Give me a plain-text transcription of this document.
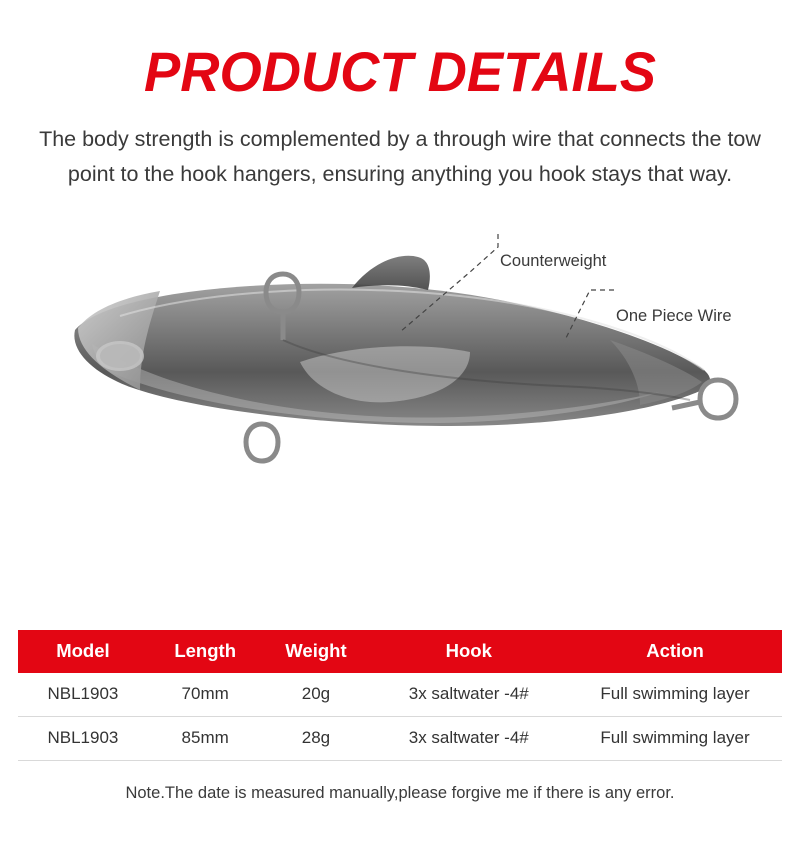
PRODUCT DETAILS
The body strength is complemented by a through wire that connects the tow point to the hook hangers, ensuring anything you hook stays that way.
Counterweight
One Piece Wire
Model	Length	Weight	Hook	Action
NBL1903	70mm	20g	3x saltwater -4#	Full swimming layer
NBL1903	85mm	28g	3x saltwater -4#	Full swimming layer
Note.The date is measured manually,please forgive me if there is any error.
